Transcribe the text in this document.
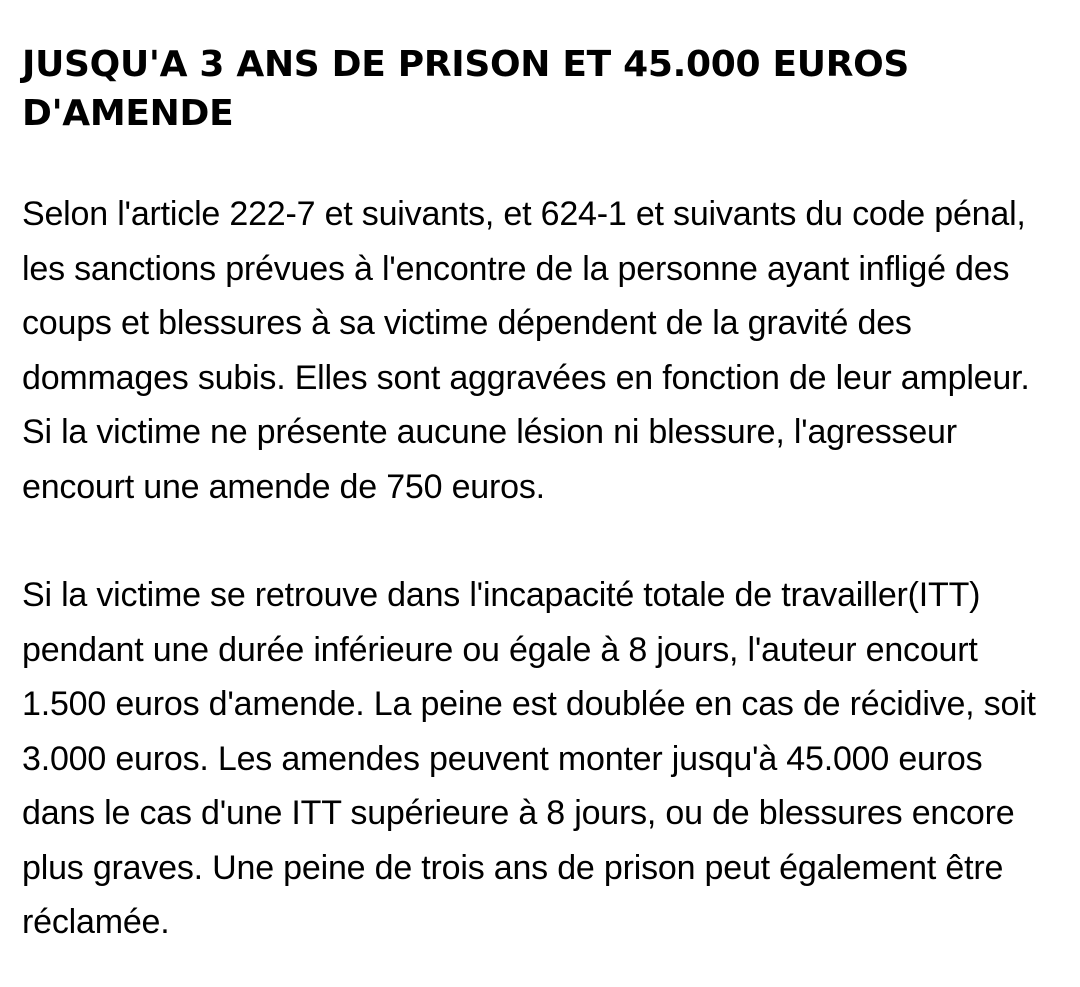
JUSQU'A 3 ANS DE PRISON ET 45.000 EUROS D'AMENDE

Selon l'article 222-7 et suivants, et 624-1 et suivants du code pénal, les sanctions prévues à l'encontre de la personne ayant infligé des coups et blessures à sa victime dépendent de la gravité des dommages subis. Elles sont aggravées en fonction de leur ampleur. Si la victime ne présente aucune lésion ni blessure, l'agresseur encourt une amende de 750 euros.

Si la victime se retrouve dans l'incapacité totale de travailler(ITT) pendant une durée inférieure ou égale à 8 jours, l'auteur encourt 1.500 euros d'amende. La peine est doublée en cas de récidive, soit 3.000 euros. Les amendes peuvent monter jusqu'à 45.000 euros dans le cas d'une ITT supérieure à 8 jours, ou de blessures encore plus graves. Une peine de trois ans de prison peut également être réclamée.
